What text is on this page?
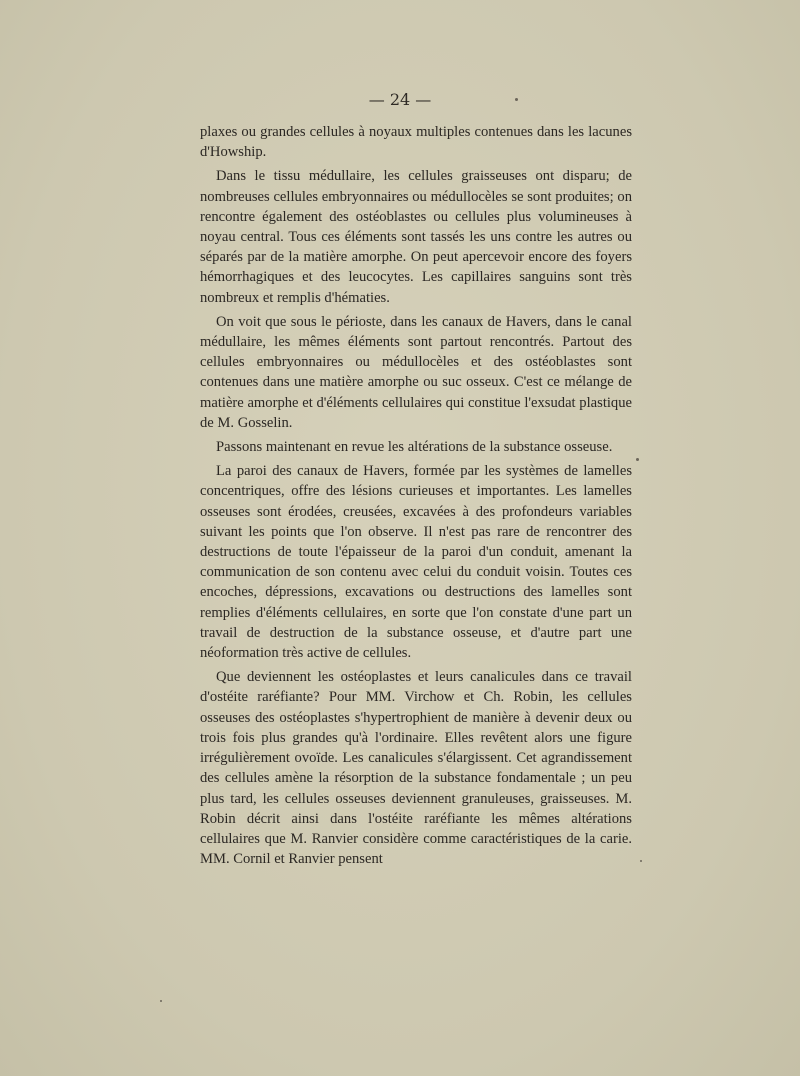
— 24 —

plaxes ou grandes cellules à noyaux multiples contenues dans les lacunes d'Howship.

Dans le tissu médullaire, les cellules graisseuses ont disparu; de nombreuses cellules embryonnaires ou médullocèles se sont produites; on rencontre également des ostéoblastes ou cellules plus volumineuses à noyau central. Tous ces éléments sont tassés les uns contre les autres ou séparés par de la matière amorphe. On peut apercevoir encore des foyers hémorrhagiques et des leucocytes. Les capillaires sanguins sont très nombreux et remplis d'hématies.

On voit que sous le périoste, dans les canaux de Havers, dans le canal médullaire, les mêmes éléments sont partout rencontrés. Partout des cellules embryonnaires ou médullocèles et des ostéoblastes sont contenues dans une matière amorphe ou suc osseux. C'est ce mélange de matière amorphe et d'éléments cellulaires qui constitue l'exsudat plastique de M. Gosselin.

Passons maintenant en revue les altérations de la substance osseuse.

La paroi des canaux de Havers, formée par les systèmes de lamelles concentriques, offre des lésions curieuses et importantes. Les lamelles osseuses sont érodées, creusées, excavées à des profondeurs variables suivant les points que l'on observe. Il n'est pas rare de rencontrer des destructions de toute l'épaisseur de la paroi d'un conduit, amenant la communication de son contenu avec celui du conduit voisin. Toutes ces encoches, dépressions, excavations ou destructions des lamelles sont remplies d'éléments cellulaires, en sorte que l'on constate d'une part un travail de destruction de la substance osseuse, et d'autre part une néoformation très active de cellules.

Que deviennent les ostéoplastes et leurs canalicules dans ce travail d'ostéite raréfiante? Pour MM. Virchow et Ch. Robin, les cellules osseuses des ostéoplastes s'hypertrophient de manière à devenir deux ou trois fois plus grandes qu'à l'ordinaire. Elles revêtent alors une figure irrégulièrement ovoïde. Les canalicules s'élargissent. Cet agrandissement des cellules amène la résorption de la substance fondamentale ; un peu plus tard, les cellules osseuses deviennent granuleuses, graisseuses. M. Robin décrit ainsi dans l'ostéite raréfiante les mêmes altérations cellulaires que M. Ranvier considère comme caractéristiques de la carie. MM. Cornil et Ranvier pensent
